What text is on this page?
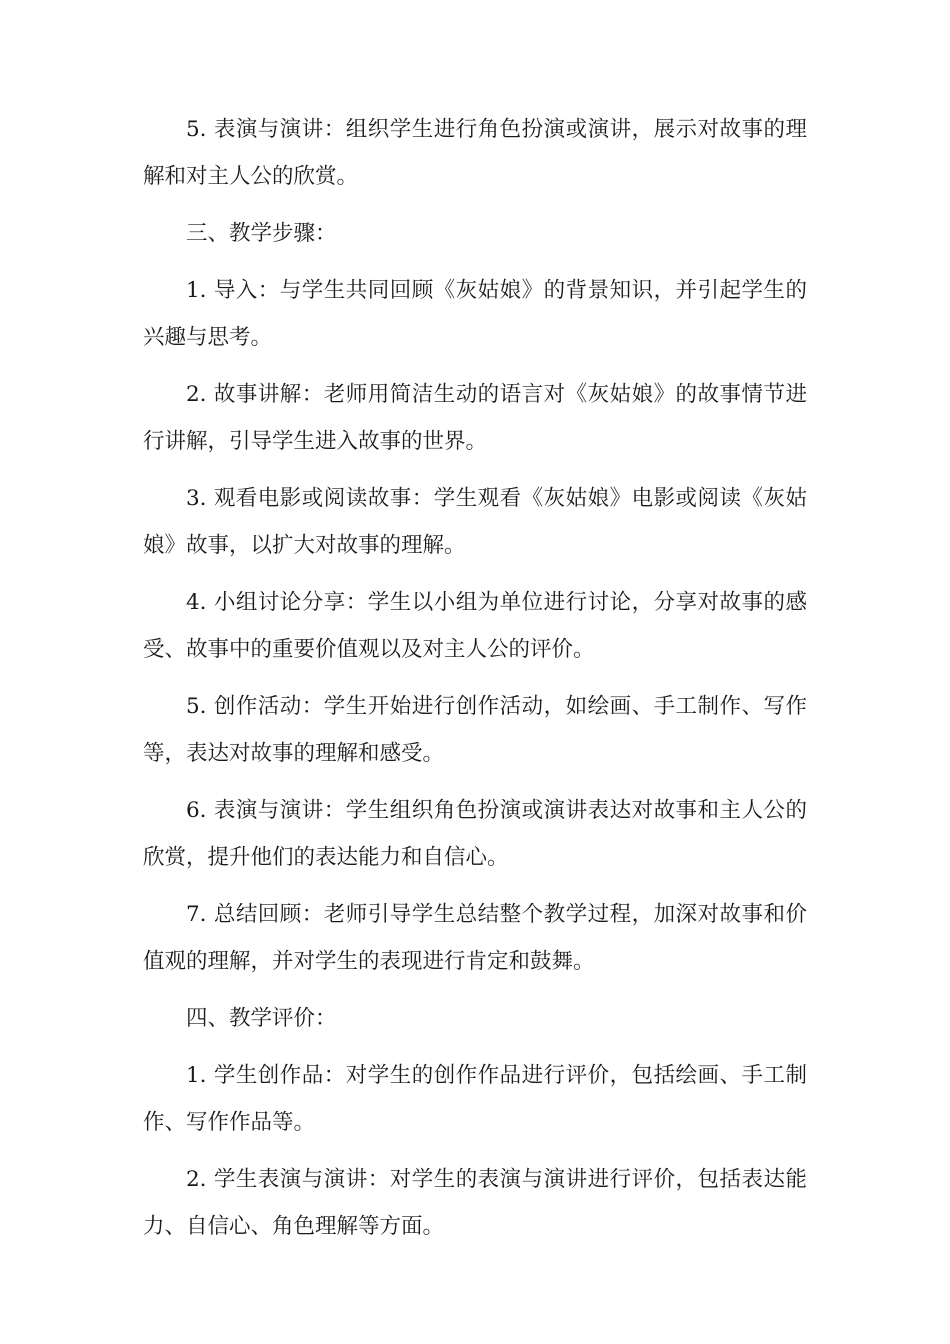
5. 表演与演讲：组织学生进行角色扮演或演讲，展示对故事的理解和对主人公的欣赏。

三、教学步骤：

1. 导入：与学生共同回顾《灰姑娘》的背景知识，并引起学生的兴趣与思考。

2. 故事讲解：老师用简洁生动的语言对《灰姑娘》的故事情节进行讲解，引导学生进入故事的世界。

3. 观看电影或阅读故事：学生观看《灰姑娘》电影或阅读《灰姑娘》故事，以扩大对故事的理解。

4. 小组讨论分享：学生以小组为单位进行讨论，分享对故事的感受、故事中的重要价值观以及对主人公的评价。

5. 创作活动：学生开始进行创作活动，如绘画、手工制作、写作等，表达对故事的理解和感受。

6. 表演与演讲：学生组织角色扮演或演讲表达对故事和主人公的欣赏，提升他们的表达能力和自信心。

7. 总结回顾：老师引导学生总结整个教学过程，加深对故事和价值观的理解，并对学生的表现进行肯定和鼓舞。

四、教学评价：

1. 学生创作品：对学生的创作作品进行评价，包括绘画、手工制作、写作作品等。

2. 学生表演与演讲：对学生的表演与演讲进行评价，包括表达能力、自信心、角色理解等方面。
